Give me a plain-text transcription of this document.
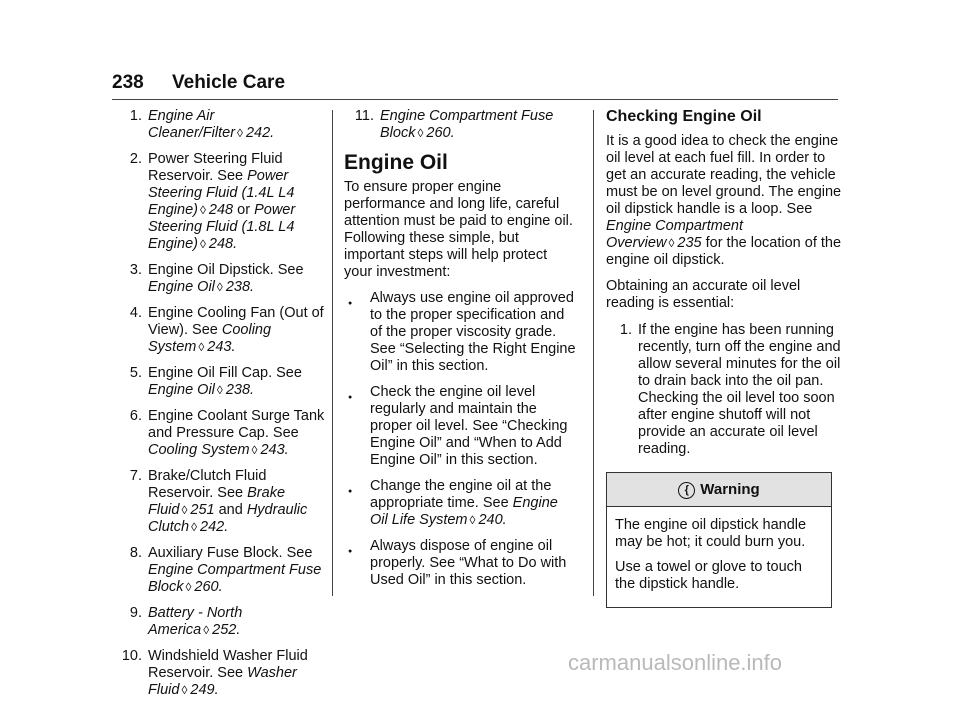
238 Vehicle Care
1. Engine Air Cleaner/Filter ◊ 242.
2. Power Steering Fluid Reservoir. See Power Steering Fluid (1.4L L4 Engine) ◊ 248 or Power Steering Fluid (1.8L L4 Engine) ◊ 248.
3. Engine Oil Dipstick. See Engine Oil ◊ 238.
4. Engine Cooling Fan (Out of View). See Cooling System ◊ 243.
5. Engine Oil Fill Cap. See Engine Oil ◊ 238.
6. Engine Coolant Surge Tank and Pressure Cap. See Cooling System ◊ 243.
7. Brake/Clutch Fluid Reservoir. See Brake Fluid ◊ 251 and Hydraulic Clutch ◊ 242.
8. Auxiliary Fuse Block. See Engine Compartment Fuse Block ◊ 260.
9. Battery - North America ◊ 252.
10. Windshield Washer Fluid Reservoir. See Washer Fluid ◊ 249.
11. Engine Compartment Fuse Block ◊ 260.
Engine Oil

To ensure proper engine performance and long life, careful attention must be paid to engine oil. Following these simple, but important steps will help protect your investment:

●	Always use engine oil approved to the proper specification and of the proper viscosity grade. See “Selecting the Right Engine Oil” in this section.
●	Check the engine oil level regularly and maintain the proper oil level. See “Checking Engine Oil” and “When to Add Engine Oil” in this section.
●	Change the engine oil at the appropriate time. See Engine Oil Life System ◊ 240.
●	Always dispose of engine oil properly. See “What to Do with Used Oil” in this section.
Checking Engine Oil

It is a good idea to check the engine oil level at each fuel fill. In order to get an accurate reading, the vehicle must be on level ground. The engine oil dipstick handle is a loop. See Engine Compartment Overview ◊ 235 for the location of the engine oil dipstick.

Obtaining an accurate oil level reading is essential:

1. If the engine has been running recently, turn off the engine and allow several minutes for the oil to drain back into the oil pan. Checking the oil level too soon after engine shutoff will not provide an accurate oil level reading.
{ Warning

The engine oil dipstick handle may be hot; it could burn you.

Use a towel or glove to touch the dipstick handle.

carmanualsonline.info
